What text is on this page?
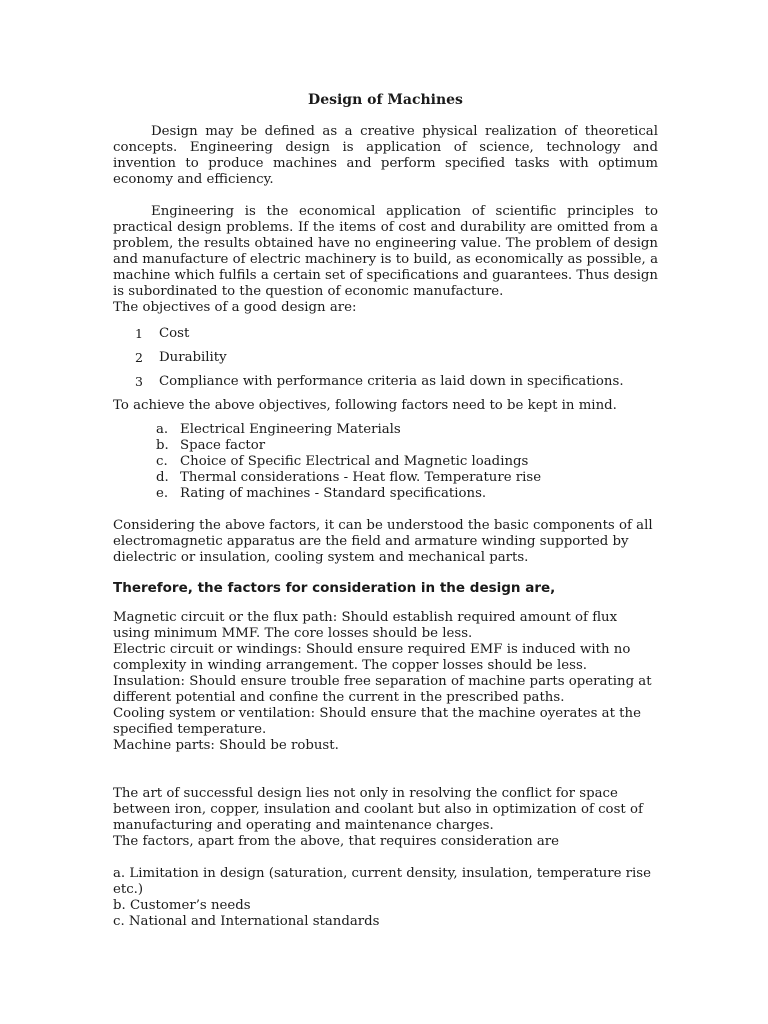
Design of Machines

Design may be defined as a creative physical realization of theoretical concepts. Engineering design is application of science, technology and invention to produce machines and perform specified tasks with optimum economy and efficiency.

Engineering is the economical application of scientific principles to practical design problems. If the items of cost and durability are omitted from a problem, the results obtained have no engineering value. The problem of design and manufacture of electric machinery is to build, as economically as possible, a machine which fulfils a certain set of specifications and guarantees. Thus design is subordinated to the question of economic manufacture.

The objectives of a good design are:

1	Cost
2	Durability
3	Compliance with performance criteria as laid down in specifications.

To achieve the above objectives, following factors need to be kept in mind.

a. Electrical Engineering Materials
b. Space factor
c. Choice of Specific Electrical and Magnetic loadings
d. Thermal considerations - Heat flow. Temperature rise
e. Rating of machines - Standard specifications.

Considering the above factors, it can be understood the basic components of all electromagnetic apparatus are the field and armature winding supported by dielectric or insulation, cooling system and mechanical parts.

Therefore, the factors for consideration in the design are,

Magnetic circuit or the flux path: Should establish required amount of flux using minimum MMF. The core losses should be less.

Electric circuit or windings: Should ensure required EMF is induced with no complexity in winding arrangement. The copper losses should be less.

Insulation: Should ensure trouble free separation of machine parts operating at different potential and confine the current in the prescribed paths.

Cooling system or ventilation: Should ensure that the machine oyerates at the specified temperature.

Machine parts: Should be robust.

The art of successful design lies not only in resolving the conflict for space between iron, copper, insulation and coolant but also in optimization of cost of manufacturing and operating and maintenance charges.

The factors, apart from the above, that requires consideration are

a. Limitation in design (saturation, current density, insulation, temperature rise etc.)

b. Customer’s needs

c. National and International standards
